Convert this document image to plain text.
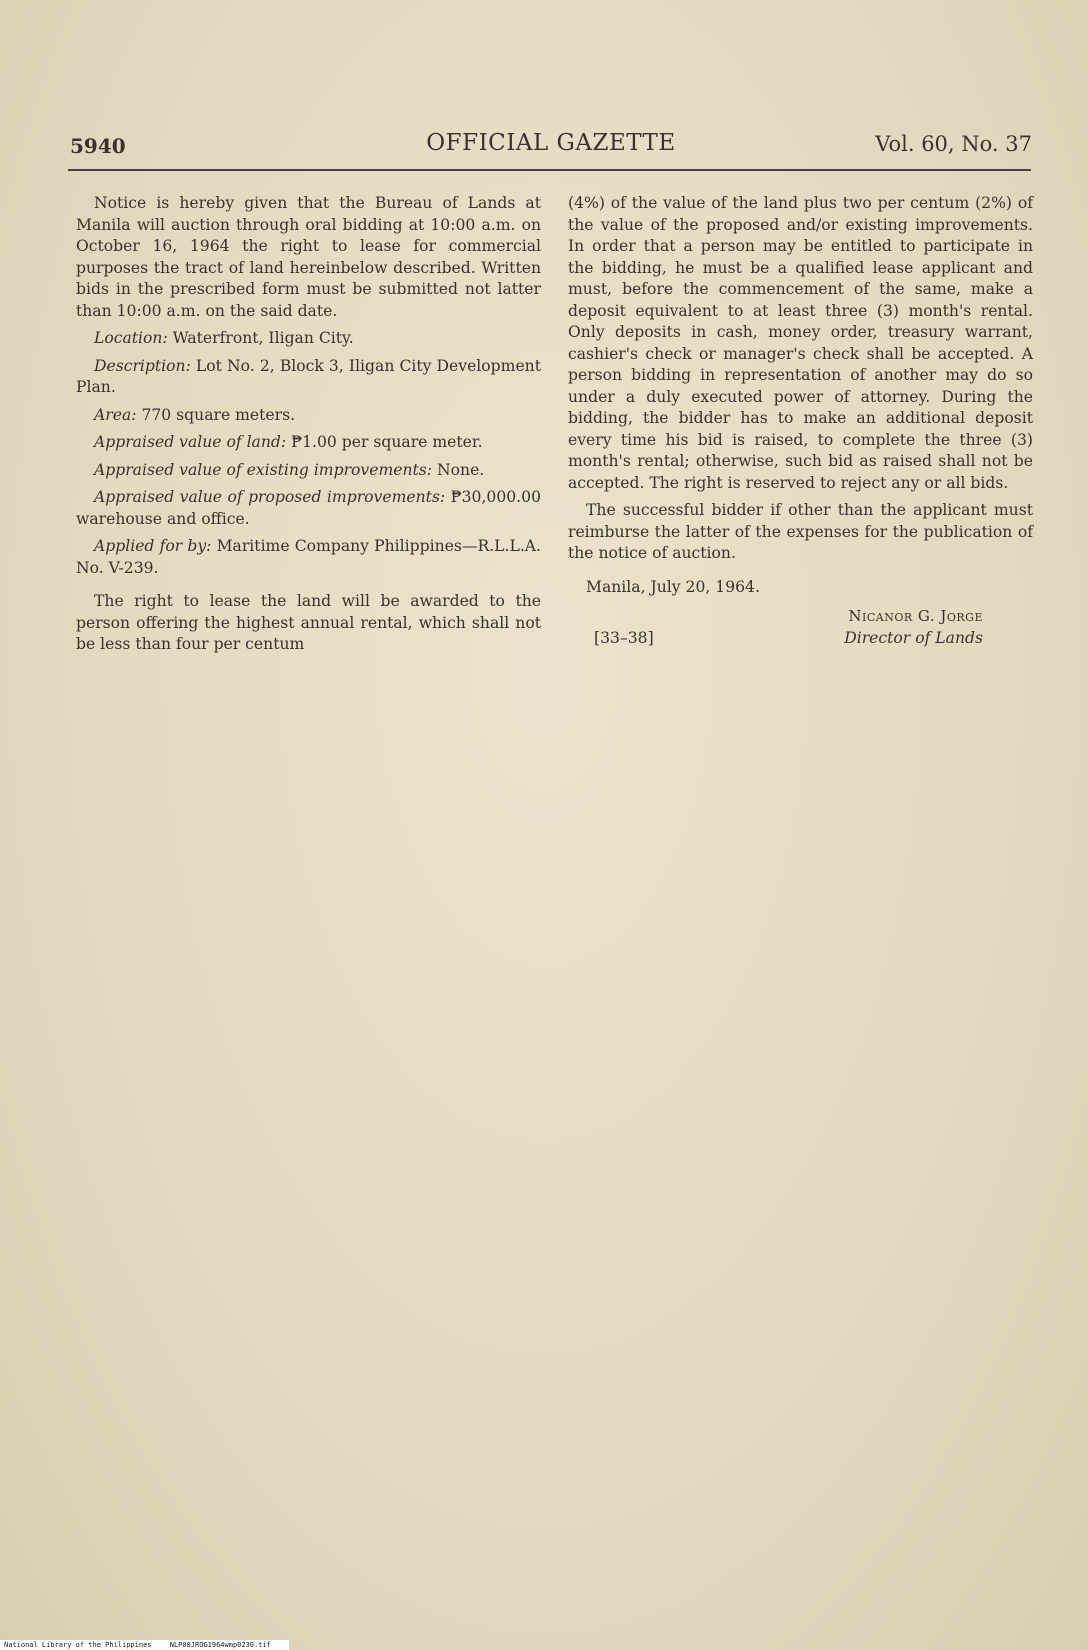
5940	OFFICIAL GAZETTE	Vol. 60, No. 37

Notice is hereby given that the Bureau of Lands at Manila will auction through oral bidding at 10:00 a.m. on October 16, 1964 the right to lease for commercial purposes the tract of land hereinbelow described. Written bids in the prescribed form must be submitted not latter than 10:00 a.m. on the said date.

Location: Waterfront, Iligan City.

Description: Lot No. 2, Block 3, Iligan City Development Plan.

Area: 770 square meters.

Appraised value of land: ₱1.00 per square meter.

Appraised value of existing improvements: None.

Appraised value of proposed improvements: ₱30,000.00 warehouse and office.

Applied for by: Maritime Company Philippines—R.L.L.A. No. V-239.

The right to lease the land will be awarded to the person offering the highest annual rental, which shall not be less than four per centum

(4%) of the value of the land plus two per centum (2%) of the value of the proposed and/or existing improvements. In order that a person may be entitled to participate in the bidding, he must be a qualified lease applicant and must, before the commencement of the same, make a deposit equivalent to at least three (3) month's rental. Only deposits in cash, money order, treasury warrant, cashier's check or manager's check shall be accepted. A person bidding in representation of another may do so under a duly executed power of attorney. During the bidding, the bidder has to make an additional deposit every time his bid is raised, to complete the three (3) month's rental; otherwise, such bid as raised shall not be accepted. The right is reserved to reject any or all bids.

The successful bidder if other than the applicant must reimburse the latter of the expenses for the publication of the notice of auction.

Manila, July 20, 1964.

Nicanor G. Jorge
[33–38]	Director of Lands
National Library of the Philippines	NLP00JROG1964wmp0230.tif
